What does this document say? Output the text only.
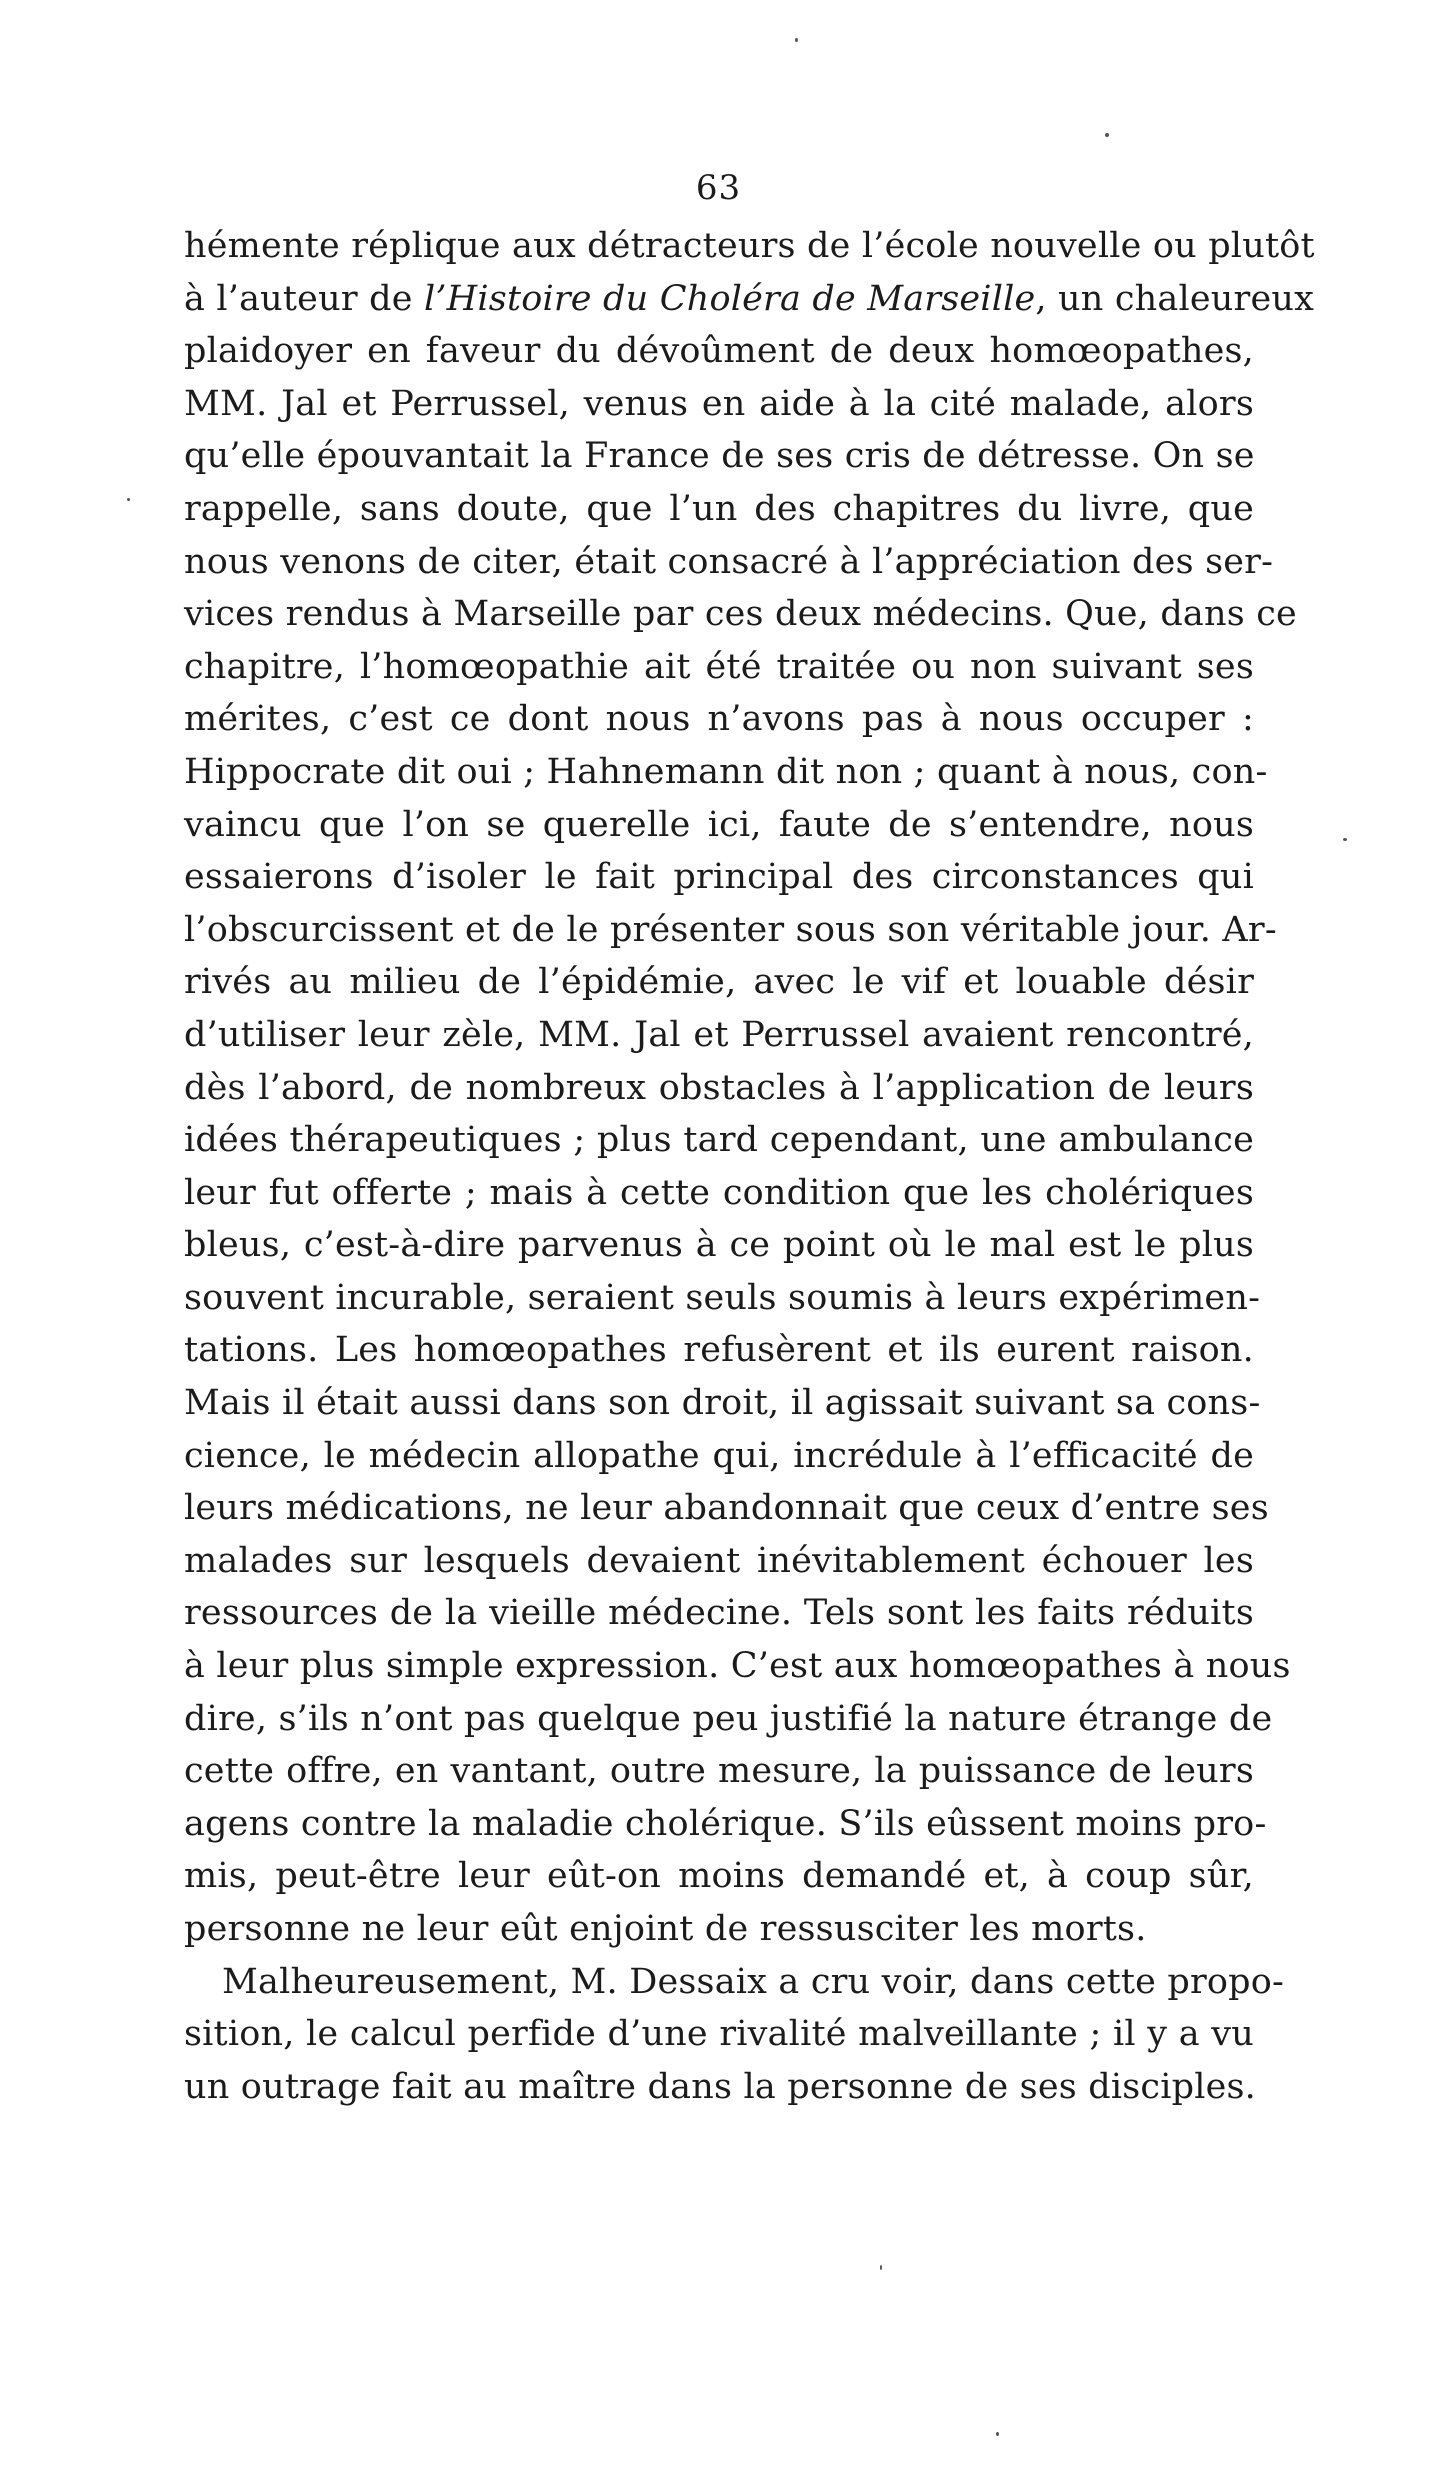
63
hémente réplique aux détracteurs de l’école nouvelle ou plutôt
à l’auteur de l’Histoire du Choléra de Marseille, un chaleureux
plaidoyer en faveur du dévoûment de deux homœopathes,
MM. Jal et Perrussel, venus en aide à la cité malade, alors
qu’elle épouvantait la France de ses cris de détresse. On se
rappelle, sans doute, que l’un des chapitres du livre, que
nous venons de citer, était consacré à l’appréciation des ser-
vices rendus à Marseille par ces deux médecins. Que, dans ce
chapitre, l’homœopathie ait été traitée ou non suivant ses
mérites, c’est ce dont nous n’avons pas à nous occuper :
Hippocrate dit oui ; Hahnemann dit non ; quant à nous, con-
vaincu que l’on se querelle ici, faute de s’entendre, nous
essaierons d’isoler le fait principal des circonstances qui
l’obscurcissent et de le présenter sous son véritable jour. Ar-
rivés au milieu de l’épidémie, avec le vif et louable désir
d’utiliser leur zèle, MM. Jal et Perrussel avaient rencontré,
dès l’abord, de nombreux obstacles à l’application de leurs
idées thérapeutiques ; plus tard cependant, une ambulance
leur fut offerte ; mais à cette condition que les cholériques
bleus, c’est-à-dire parvenus à ce point où le mal est le plus
souvent incurable, seraient seuls soumis à leurs expérimen-
tations. Les homœopathes refusèrent et ils eurent raison.
Mais il était aussi dans son droit, il agissait suivant sa cons-
cience, le médecin allopathe qui, incrédule à l’efficacité de
leurs médications, ne leur abandonnait que ceux d’entre ses
malades sur lesquels devaient inévitablement échouer les
ressources de la vieille médecine. Tels sont les faits réduits
à leur plus simple expression. C’est aux homœopathes à nous
dire, s’ils n’ont pas quelque peu justifié la nature étrange de
cette offre, en vantant, outre mesure, la puissance de leurs
agens contre la maladie cholérique. S’ils eûssent moins pro-
mis, peut-être leur eût-on moins demandé et, à coup sûr,
personne ne leur eût enjoint de ressusciter les morts.
Malheureusement, M. Dessaix a cru voir, dans cette propo-
sition, le calcul perfide d’une rivalité malveillante ; il y a vu
un outrage fait au maître dans la personne de ses disciples.
